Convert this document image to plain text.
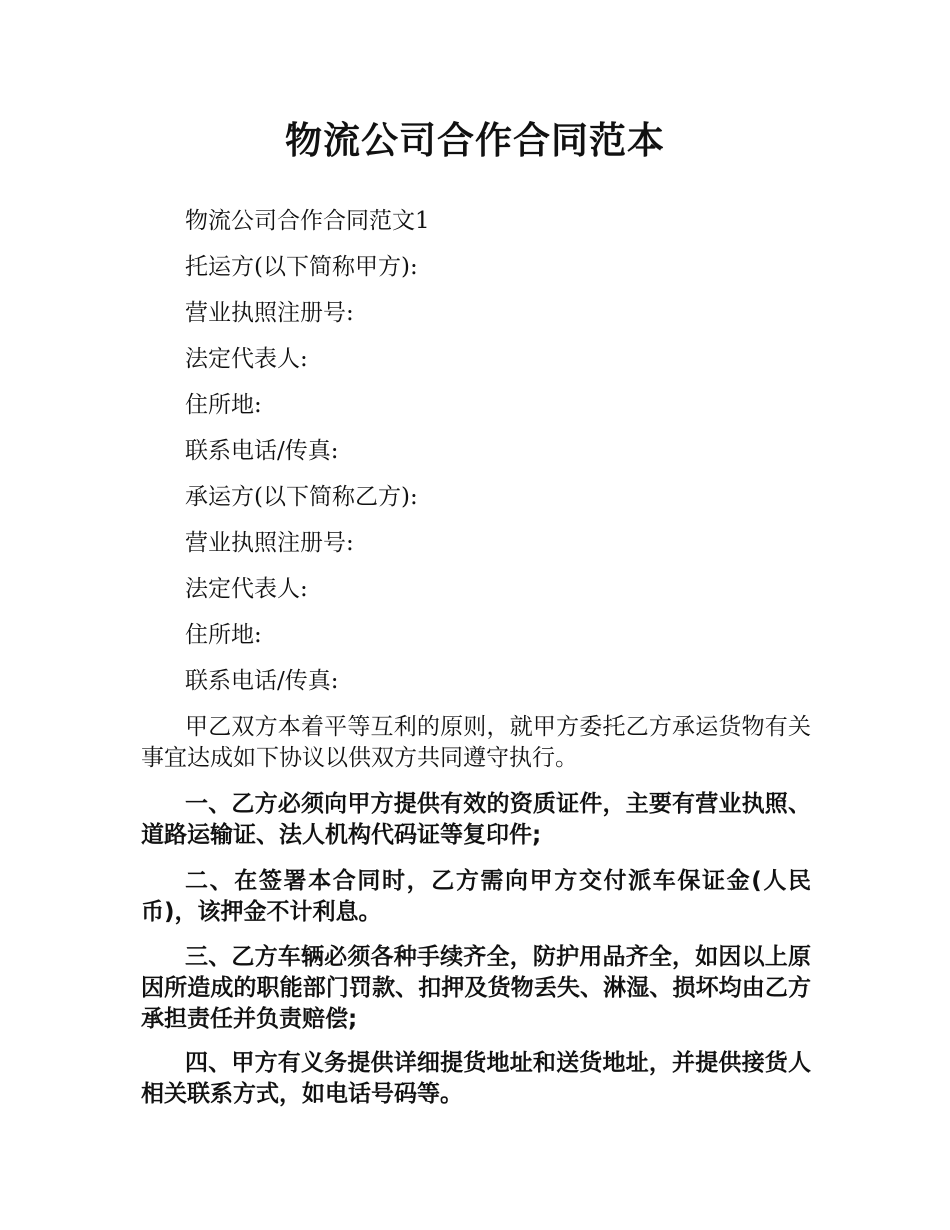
物流公司合作合同范本
物流公司合作合同范文1
托运方(以下简称甲方):
营业执照注册号:
法定代表人:
住所地:
联系电话/传真:
承运方(以下简称乙方):
营业执照注册号:
法定代表人:
住所地:
联系电话/传真:

甲乙双方本着平等互利的原则，就甲方委托乙方承运货物有关事宜达成如下协议以供双方共同遵守执行。

一、乙方必须向甲方提供有效的资质证件，主要有营业执照、道路运输证、法人机构代码证等复印件;

二、在签署本合同时，乙方需向甲方交付派车保证金(人民币)，该押金不计利息。

三、乙方车辆必须各种手续齐全，防护用品齐全，如因以上原因所造成的职能部门罚款、扣押及货物丢失、淋湿、损坏均由乙方承担责任并负责赔偿;

四、甲方有义务提供详细提货地址和送货地址，并提供接货人相关联系方式，如电话号码等。
